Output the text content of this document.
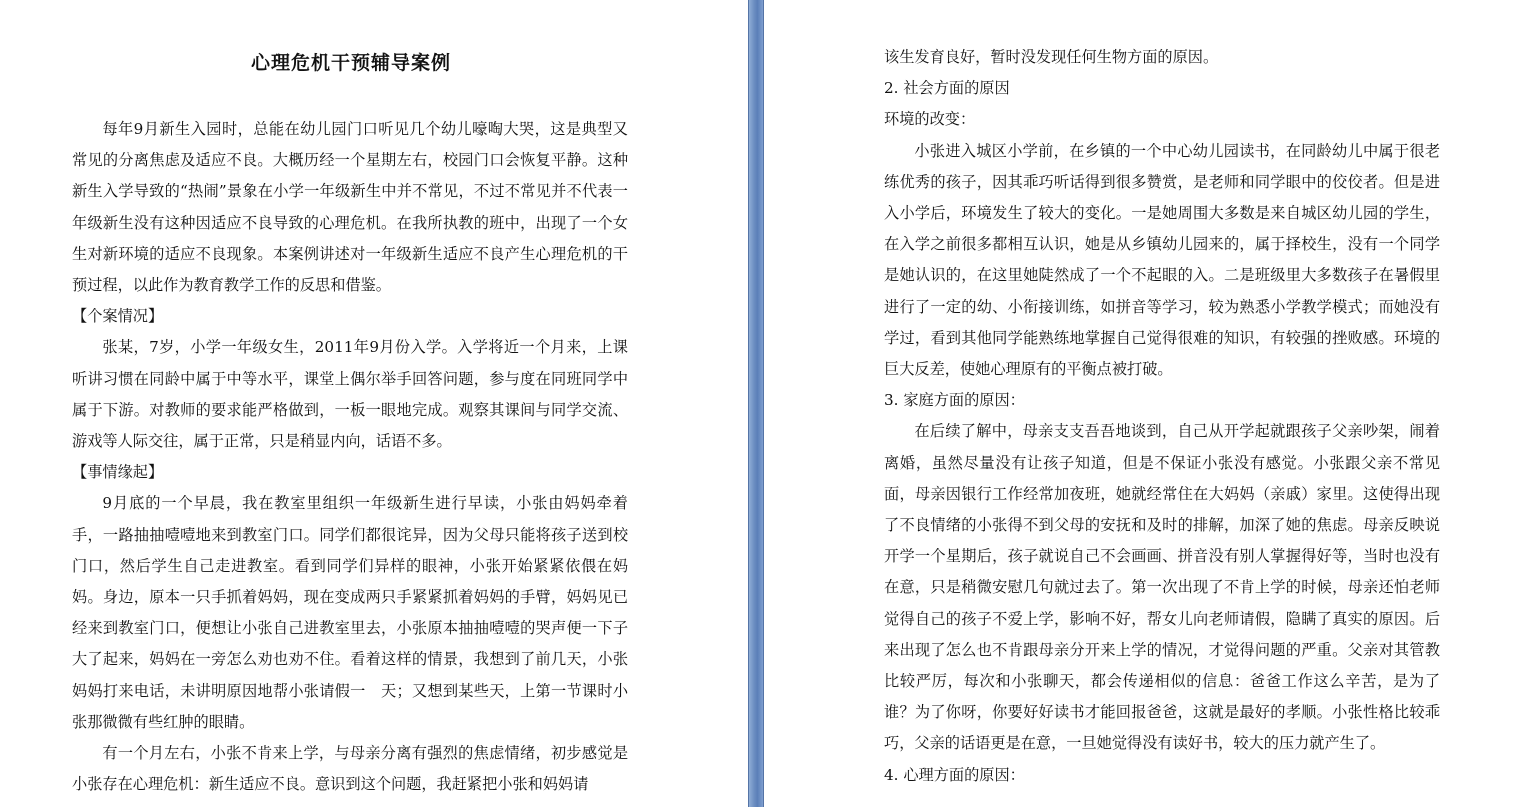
心理危机干预辅导案例

每年9月新生入园时，总能在幼儿园门口听见几个幼儿嚎啕大哭，这是典型又常见的分离焦虑及适应不良。大概历经一个星期左右，校园门口会恢复平静。这种　　新生入学导致的“热闹”景象在小学一年级新生中并不常见，不过不常见并不代表一年级新生没有这种因适应不良导致的心理危机。在我所执教的班中，出现了一个女生对新环境的适应不良现象。本案例讲述对一年级新生适应不良产生心理危机的干预过程，以此作为教育教学工作的反思和借鉴。

【个案情况】

张某，7岁，小学一年级女生，2011年9月份入学。入学将近一个月来，上课听讲习惯在同龄中属于中等水平，课堂上偶尔举手回答问题，参与度在同班同学中属于下游。对教师的要求能严格做到，一板一眼地完成。观察其课间与同学交流、游戏等人际交往，属于正常，只是稍显内向，话语不多。

【事情缘起】

9月底的一个早晨，我在教室里组织一年级新生进行早读，小张由妈妈牵着手，一路抽抽噎噎地来到教室门口。同学们都很诧异，因为父母只能将孩子送到校门口，然后学生自己走进教室。看到同学们异样的眼神，小张开始紧紧依偎在妈妈。身边，原本一只手抓着妈妈，现在变成两只手紧紧抓着妈妈的手臂，妈妈见已经来到教室门口，便想让小张自己进教室里去，小张原本抽抽噎噎的哭声便一下子大了起来，妈妈在一旁怎么劝也劝不住。看着这样的情景，我想到了前几天，小张妈妈打来电话，未讲明原因地帮小张请假一　天；又想到某些天，上第一节课时小张那微微有些红肿的眼睛。

有一个月左右，小张不肯来上学，与母亲分离有强烈的焦虑情绪，初步感觉是小张存在心理危机：新生适应不良。意识到这个问题，我赶紧把小张和妈妈请

该生发育良好，暂时没发现任何生物方面的原因。

2. 社会方面的原因

环境的改变：

小张进入城区小学前，在乡镇的一个中心幼儿园读书，在同龄幼儿中属于很老练优秀的孩子，因其乖巧听话得到很多赞赏，是老师和同学眼中的佼佼者。但是进入小学后，环境发生了较大的变化。一是她周围大多数是来自城区幼儿园的学生，在入学之前很多都相互认识，她是从乡镇幼儿园来的，属于择校生，没有一个同学是她认识的，在这里她陡然成了一个不起眼的入。二是班级里大多数孩子在暑假里进行了一定的幼、小衔接训练，如拼音等学习，较为熟悉小学教学模式；而她没有学过，看到其他同学能熟练地掌握自己觉得很难的知识，有较强的挫败感。环境的巨大反差，使她心理原有的平衡点被打破。

3. 家庭方面的原因：

在后续了解中，母亲支支吾吾地谈到，自己从开学起就跟孩子父亲吵架，闹着离婚，虽然尽量没有让孩子知道，但是不保证小张没有感觉。小张跟父亲不常见面，母亲因银行工作经常加夜班，她就经常住在大妈妈（亲戚）家里。这使得出现了不良情绪的小张得不到父母的安抚和及时的排解，加深了她的焦虑。母亲反映说开学一个星期后，孩子就说自己不会画画、拼音没有别人掌握得好等，当时也没有在意，只是稍微安慰几句就过去了。第一次出现了不肯上学的时候，母亲还怕老师觉得自己的孩子不爱上学，影响不好，帮女儿向老师请假，隐瞒了真实的原因。后来出现了怎么也不肯跟母亲分开来上学的情况，才觉得问题的严重。父亲对其管教比较严厉，每次和小张聊天，都会传递相似的信息：爸爸工作这么辛苦，是为了谁？为了你呀，你要好好读书才能回报爸爸，这就是最好的孝顺。小张性格比较乖巧，父亲的话语更是在意，一旦她觉得没有读好书，较大的压力就产生了。

4. 心理方面的原因：
